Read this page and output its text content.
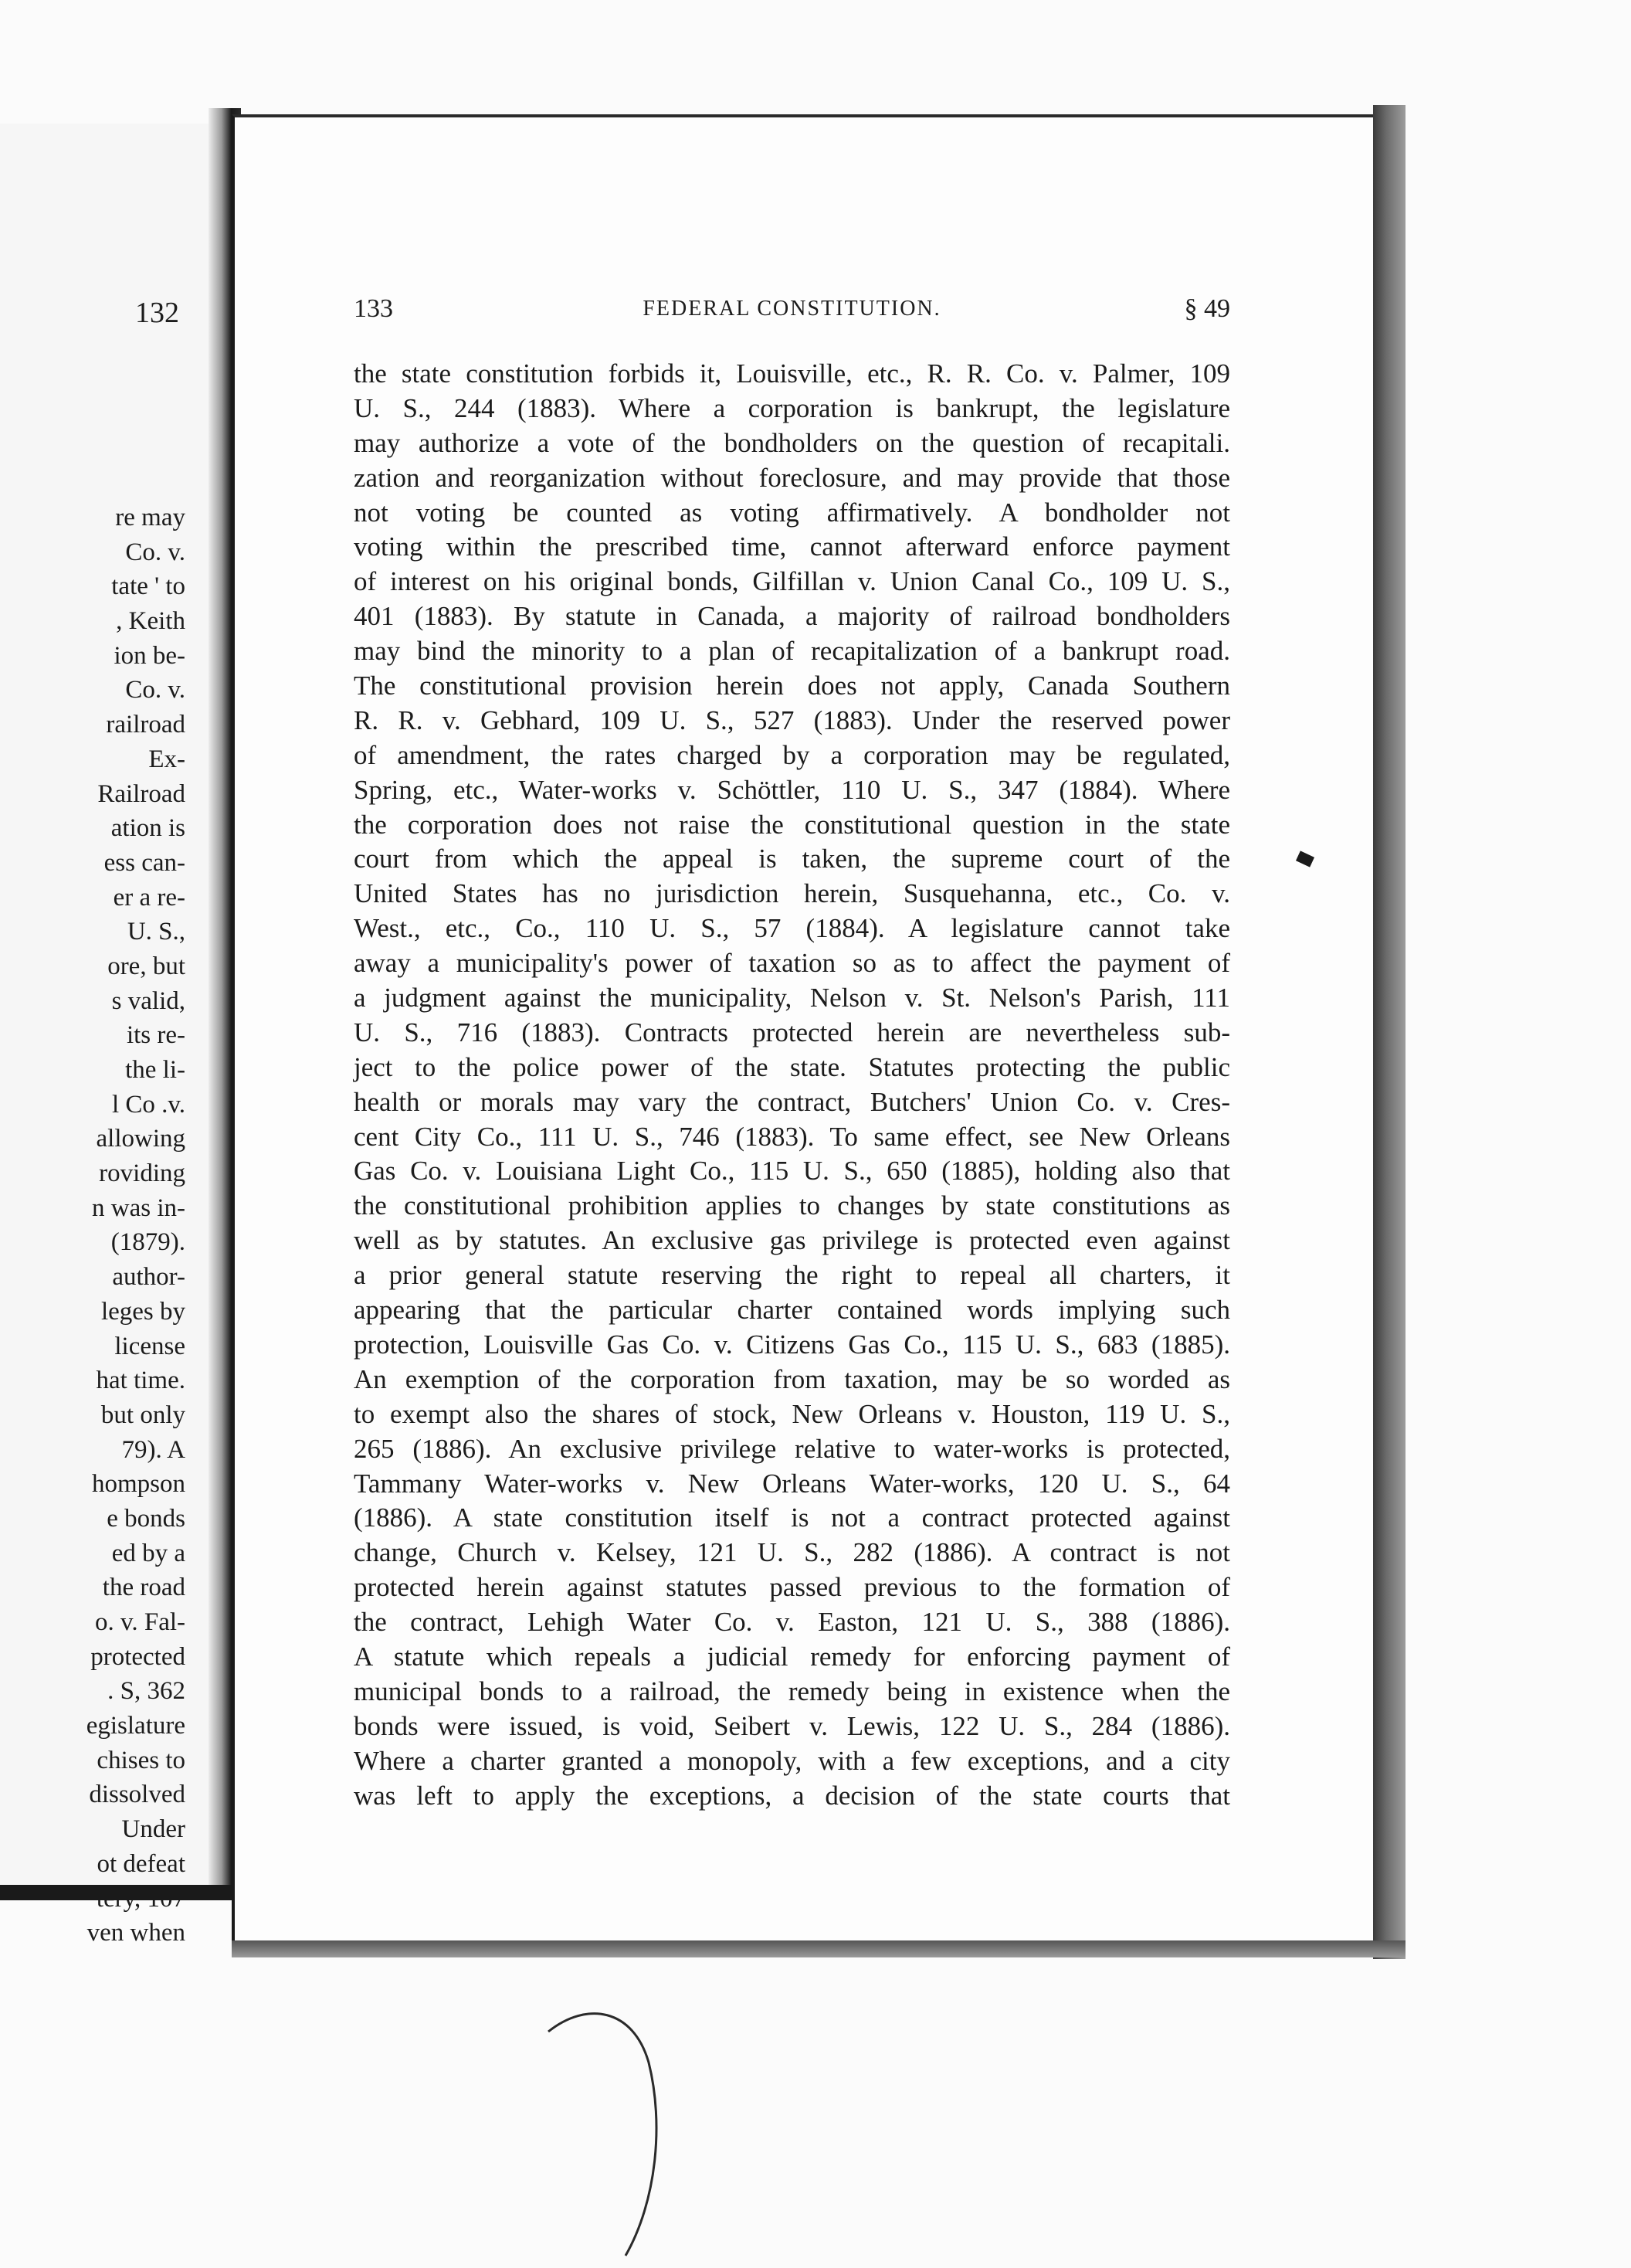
132
re may
Co. v.
tate ' to
, Keith
ion be-
Co. v.
railroad
Ex-
Railroad
ation is
ess can-
er a re-
U. S.,
ore, but
s valid,
its re-
the li-
l Co .v.
allowing
roviding
n was in-
(1879).
author-
leges by
license
hat time.
but only
79). A
hompson
e bonds
ed by a
the road
o. v. Fal-
protected
. S, 362
egislature
chises to
dissolved
Under
ot defeat
ven when
133	FEDERAL CONSTITUTION.	§ 49
the state constitution forbids it, Louisville, etc., R. R. Co. v. Palmer, 109
U. S., 244 (1883). Where a corporation is bankrupt, the legislature
may authorize a vote of the bondholders on the question of recapitali.
zation and reorganization without foreclosure, and may provide that those
not voting be counted as voting affirmatively. A bondholder not
voting within the prescribed time, cannot afterward enforce payment
of interest on his original bonds, Gilfillan v. Union Canal Co., 109 U. S.,
401 (1883). By statute in Canada, a majority of railroad bondholders
may bind the minority to a plan of recapitalization of a bankrupt road.
The constitutional provision herein does not apply, Canada Southern
R. R. v. Gebhard, 109 U. S., 527 (1883). Under the reserved power
of amendment, the rates charged by a corporation may be regulated,
Spring, etc., Water-works v. Schöttler, 110 U. S., 347 (1884). Where
the corporation does not raise the constitutional question in the state
court from which the appeal is taken, the supreme court of the
United States has no jurisdiction herein, Susquehanna, etc., Co. v.
West., etc., Co., 110 U. S., 57 (1884). A legislature cannot take
away a municipality's power of taxation so as to affect the payment of
a judgment against the municipality, Nelson v. St. Nelson's Parish, 111
U. S., 716 (1883). Contracts protected herein are nevertheless sub-
ject to the police power of the state. Statutes protecting the public
health or morals may vary the contract, Butchers' Union Co. v. Cres-
cent City Co., 111 U. S., 746 (1883). To same effect, see New Orleans
Gas Co. v. Louisiana Light Co., 115 U. S., 650 (1885), holding also that
the constitutional prohibition applies to changes by state constitutions as
well as by statutes. An exclusive gas privilege is protected even against
a prior general statute reserving the right to repeal all charters, it
appearing that the particular charter contained words implying such
protection, Louisville Gas Co. v. Citizens Gas Co., 115 U. S., 683 (1885).
An exemption of the corporation from taxation, may be so worded as
to exempt also the shares of stock, New Orleans v. Houston, 119 U. S.,
265 (1886). An exclusive privilege relative to water-works is protected,
Tammany Water-works v. New Orleans Water-works, 120 U. S., 64
(1886). A state constitution itself is not a contract protected against
change, Church v. Kelsey, 121 U. S., 282 (1886). A contract is not
protected herein against statutes passed previous to the formation of
the contract, Lehigh Water Co. v. Easton, 121 U. S., 388 (1886).
A statute which repeals a judicial remedy for enforcing payment of
municipal bonds to a railroad, the remedy being in existence when the
bonds were issued, is void, Seibert v. Lewis, 122 U. S., 284 (1886).
Where a charter granted a monopoly, with a few exceptions, and a city
was left to apply the exceptions, a decision of the state courts that
